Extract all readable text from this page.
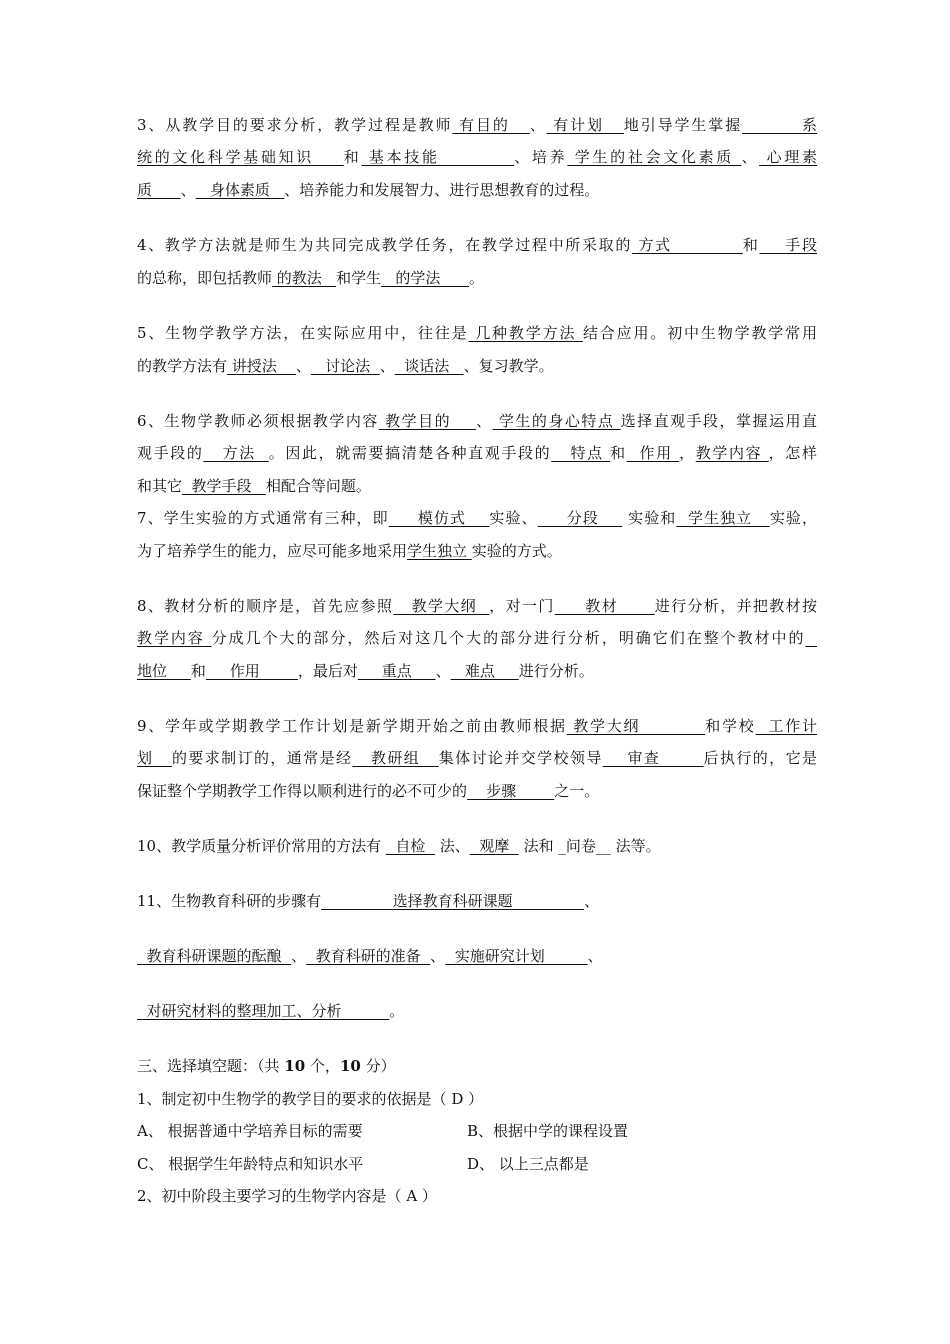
3、从教学目的要求分析，教学过程是教师 有目的   、 有计划   地引导学生掌握         系
统的文化科学基础知识    和 基本技能          、培养 学生的社会文化素质 、 心理素
质      、   身体素质   、培养能力和发展智力、进行思想教育的过程。
4、教学方法就是师生为共同完成教学任务，在教学过程中所采取的 方式           和    手段
的总称，即包括教师 的教法   和学生   的学法      。
5、生物学教学方法，在实际应用中，往往是 几种教学方法 结合应用。初中生物学教学常用
的教学方法有 讲授法    、   讨论法  、  谈话法   、复习教学。
6、生物学教师必须根据教学内容 教学目的    、 学生的身心特点 选择直观手段，掌握运用直
观手段的   方法  。因此，就需要搞清楚各种直观手段的   特点 和  作用 ，教学内容 ，怎样
和其它  教学手段   相配合等问题。
7、学生实验的方式通常有三种，即     模仿式    实验、     分段     实验和  学生独立   实验，
为了培养学生的能力，应尽可能多地采用学生独立 实验的方式。
8、教材分析的顺序是，首先应参照   教学大纲  ，对一门     教材      进行分析，并把教材按
教学内容 分成几个大的部分，然后对这几个大的部分进行分析，明确它们在整个教材中的
地位     和     作用        ，最后对     重点     、   难点     进行分析。
9、学年或学期教学工作计划是新学期开始之前由教师根据 教学大纲          和学校  工作计
划   的要求制订的，通常是经   教研组   集体讨论并交学校领导    审查       后执行的，它是
保证整个学期教学工作得以顺利进行的必不可少的    步骤        之一。
10、教学质量分析评价常用的方法有   自检   法、  观摩   法和 _问卷__ 法等。
11、生物教育科研的步骤有               选择教育科研课题               、
教育科研课题的酝酿  、  教育科研的准备  、  实施研究计划         、
对研究材料的整理加工、分析          。
三、选择填空题：（共 10 个，10 分）
1、制定初中生物学的教学目的要求的依据是（ D ）
A、 根据普通中学培养目标的需要	B、根据中学的课程设置
C、 根据学生年龄特点和知识水平	D、 以上三点都是
2、初中阶段主要学习的生物学内容是（ A ）
